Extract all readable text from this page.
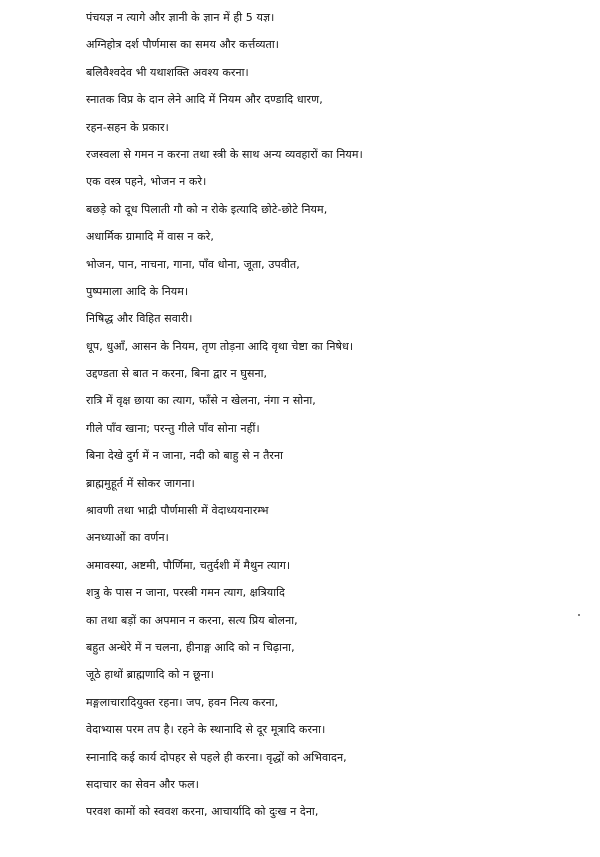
पंचयज्ञ न त्यागे और ज्ञानी के ज्ञान में ही 5 यज्ञ।
अग्निहोत्र दर्श पौर्णमास का समय और कर्त्तव्यता।
बलिवैश्वदेव भी यथाशक्ति अवश्य करना।
स्नातक विप्र के दान लेने आदि में नियम और दण्डादि धारण,
रहन-सहन के प्रकार।
रजस्वला से गमन न करना तथा स्त्री के साथ अन्य व्यवहारों का नियम।
एक वस्त्र पहने, भोजन न करे।
बछड़े को दूध पिलाती गौ को न रोके इत्यादि छोटे-छोटे नियम,
अधार्मिक ग्रामादि में वास न करे,
भोजन, पान, नाचना, गाना, पाँव धोना, जूता, उपवीत,
पुष्पमाला आदि के नियम।
निषिद्ध और विहित सवारी।
धूप, धुआँ, आसन के नियम, तृण तोड़ना आदि वृथा चेष्टा का निषेध।
उद्दण्डता से बात न करना, बिना द्वार न घुसना,
रात्रि में वृक्ष छाया का त्याग, फाँसे न खेलना, नंगा न सोना,
गीले पाँव खाना; परन्तु गीले पाँव सोना नहीं।
बिना देखे दुर्ग में न जाना, नदी को बाहु से न तैरना
ब्राह्ममुहूर्त में सोकर जागना।
श्रावणी तथा भाद्री पौर्णमासी में वेदाध्ययनारम्भ
अनध्याओं का वर्णन।
अमावस्या, अष्टमी, पौर्णिमा, चतुर्दशी में मैथुन त्याग।
शत्रु के पास न जाना, परस्त्री गमन त्याग, क्षत्रियादि
का तथा बड़ों का अपमान न करना, सत्य प्रिय बोलना,
बहुत अन्धेरे में न चलना, हीनाङ्ग आदि को न चिढ़ाना,
जूठे हाथों ब्राह्मणादि को न छूना।
मङ्गलाचारादियुक्त रहना। जप, हवन नित्य करना,
वेदाभ्यास परम तप है। रहने के स्थानादि से दूर मूत्रादि करना।
स्नानादि कई कार्य दोपहर से पहले ही करना। वृद्धों को अभिवादन,
सदाचार का सेवन और फल।
परवश कामों को स्ववश करना, आचार्यादि को दुःख न देना,
